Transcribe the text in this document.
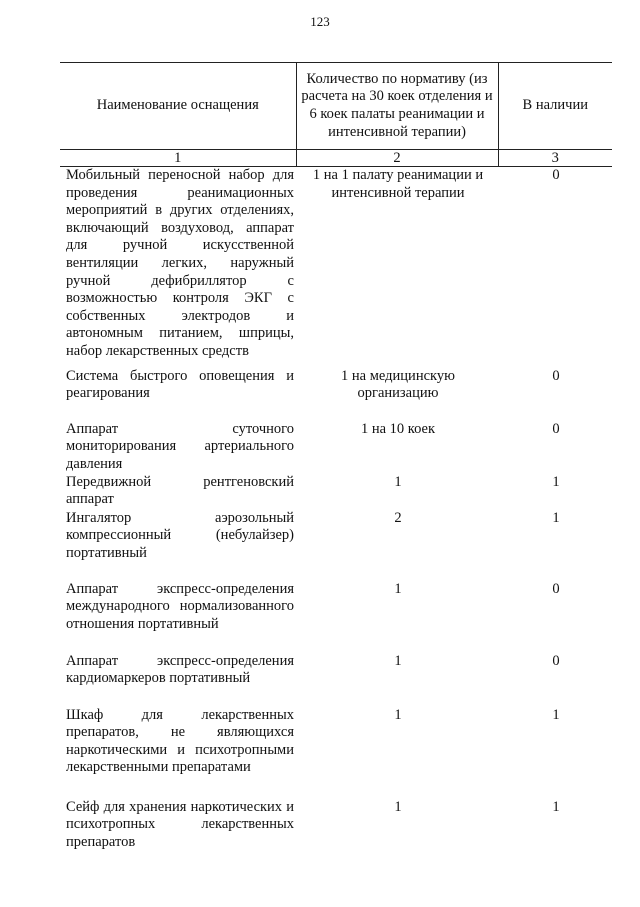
123
Наименование оснащения	Количество по нормативу (из расчета на 30 коек отделения и 6 коек палаты реанимации и интенсивной терапии)	В наличии
1	2	3
Мобильный переносной набор для проведения реанимационных мероприятий в других отделениях, включающий воздуховод, аппарат для ручной искусственной вентиляции легких, наружный ручной дефибриллятор с возможностью контроля ЭКГ с собственных электродов и автономным питанием, шприцы, набор лекарственных средств	1 на 1 палату реанимации и интенсивной терапии	0
Система быстрого оповещения и реагирования	1 на медицинскую организацию	0
Аппарат суточного мониторирования артериального давления	1 на 10 коек	0
Передвижной рентгеновский аппарат	1	1
Ингалятор аэрозольный компрессионный (небулайзер) портативный	2	1
Аппарат экспресс-определения международного нормализованного отношения портативный	1	0
Аппарат экспресс-определения кардиомаркеров портативный	1	0
Шкаф для лекарственных препаратов, не являющихся наркотическими и психотропными лекарственными препаратами	1	1
Сейф для хранения наркотических и психотропных лекарственных препаратов	1	1
